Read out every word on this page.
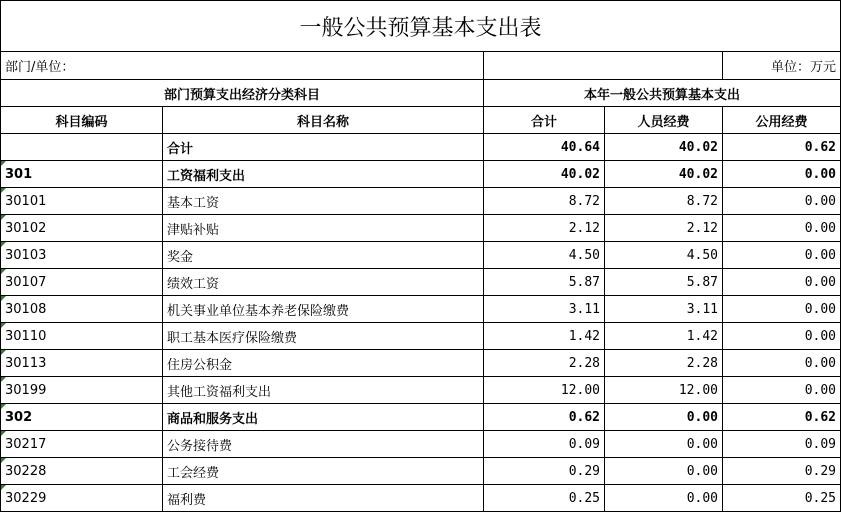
一般公共预算基本支出表				
部门/单位：				单位：万元
部门预算支出经济分类科目		本年一般公共预算基本支出		
科目编码	科目名称	合计	人员经费	公用经费
	合计	40.64	40.02	0.62
301	工资福利支出	40.02	40.02	0.00
30101	基本工资	8.72	8.72	0.00
30102	津贴补贴	2.12	2.12	0.00
30103	奖金	4.50	4.50	0.00
30107	绩效工资	5.87	5.87	0.00
30108	机关事业单位基本养老保险缴费	3.11	3.11	0.00
30110	职工基本医疗保险缴费	1.42	1.42	0.00
30113	住房公积金	2.28	2.28	0.00
30199	其他工资福利支出	12.00	12.00	0.00
302	商品和服务支出	0.62	0.00	0.62
30217	公务接待费	0.09	0.00	0.09
30228	工会经费	0.29	0.00	0.29
30229	福利费	0.25	0.00	0.25
